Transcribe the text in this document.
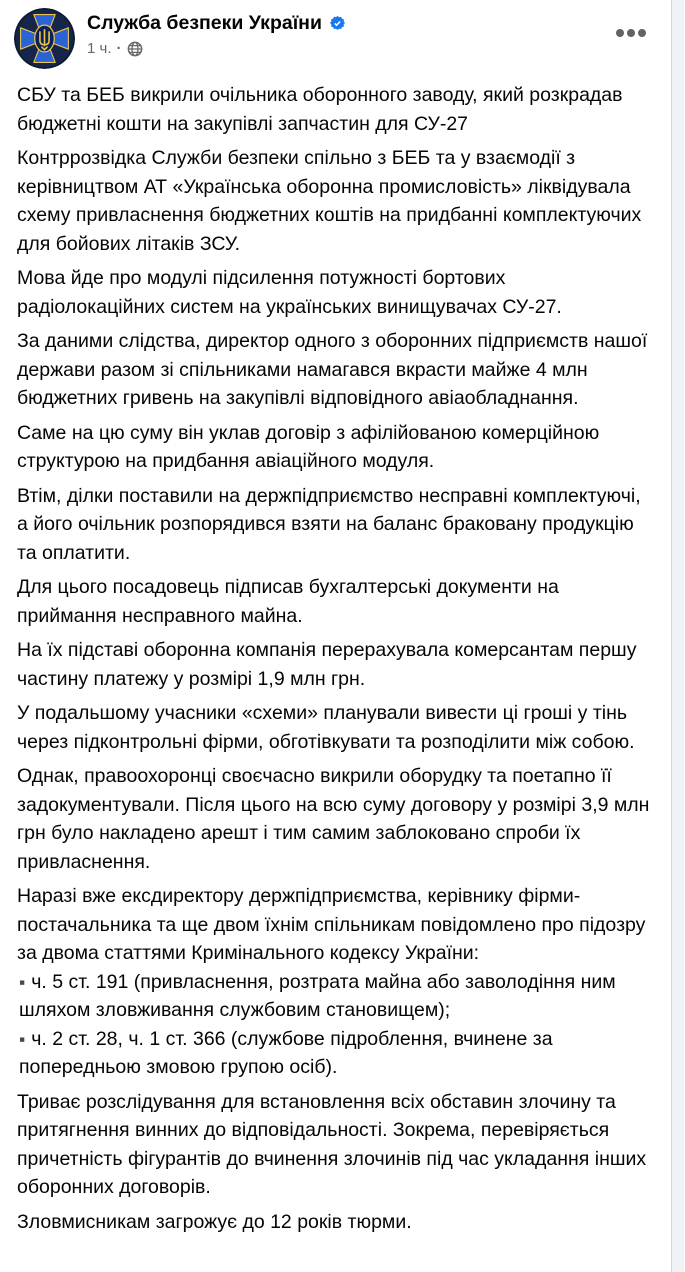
Служба безпеки України
1 ч. ·
СБУ та БЕБ викрили очільника оборонного заводу, який розкрадав бюджетні кошти на закупівлі запчастин для СУ-27
Контррозвідка Служби безпеки спільно з БЕБ та у взаємодії з керівництвом АТ «Українська оборонна промисловість» ліквідувала схему привласнення бюджетних коштів на придбанні комплектуючих для бойових літаків ЗСУ.
Мова йде про модулі підсилення потужності бортових радіолокаційних систем на українських винищувачах СУ-27.
За даними слідства, директор одного з оборонних підприємств нашої держави разом зі спільниками намагався вкрасти майже 4 млн бюджетних гривень на закупівлі відповідного авіаобладнання.
Саме на цю суму він уклав договір з афілійованою комерційною структурою на придбання авіаційного модуля.
Втім, ділки поставили на держпідприємство несправні комплектуючі, а його очільник розпорядився взяти на баланс браковану продукцію та оплатити.
Для цього посадовець підписав бухгалтерські документи на приймання несправного майна.
На їх підставі оборонна компанія перерахувала комерсантам першу частину платежу у розмірі 1,9 млн грн.
У подальшому учасники «схеми» планували вивести ці гроші у тінь через підконтрольні фірми, обготівкувати та розподілити між собою.
Однак, правоохоронці своєчасно викрили оборудку та поетапно її задокументували. Після цього на всю суму договору у розмірі 3,9 млн грн було накладено арешт і тим самим заблоковано спроби їх привласнення.
Наразі вже ексдиректору держпідприємства, керівнику фірми-постачальника та ще двом їхнім спільникам повідомлено про підозру за двома статтями Кримінального кодексу України:
▪ ч. 5 ст. 191 (привласнення, розтрата майна або заволодіння ним шляхом зловживання службовим становищем);
▪ ч. 2 ст. 28, ч. 1 ст. 366 (службове підроблення, вчинене за попередньою змовою групою осіб).
Триває розслідування для встановлення всіх обставин злочину та притягнення винних до відповідальності. Зокрема, перевіряється причетність фігурантів до вчинення злочинів під час укладання інших оборонних договорів.
Зловмисникам загрожує до 12 років тюрми.
